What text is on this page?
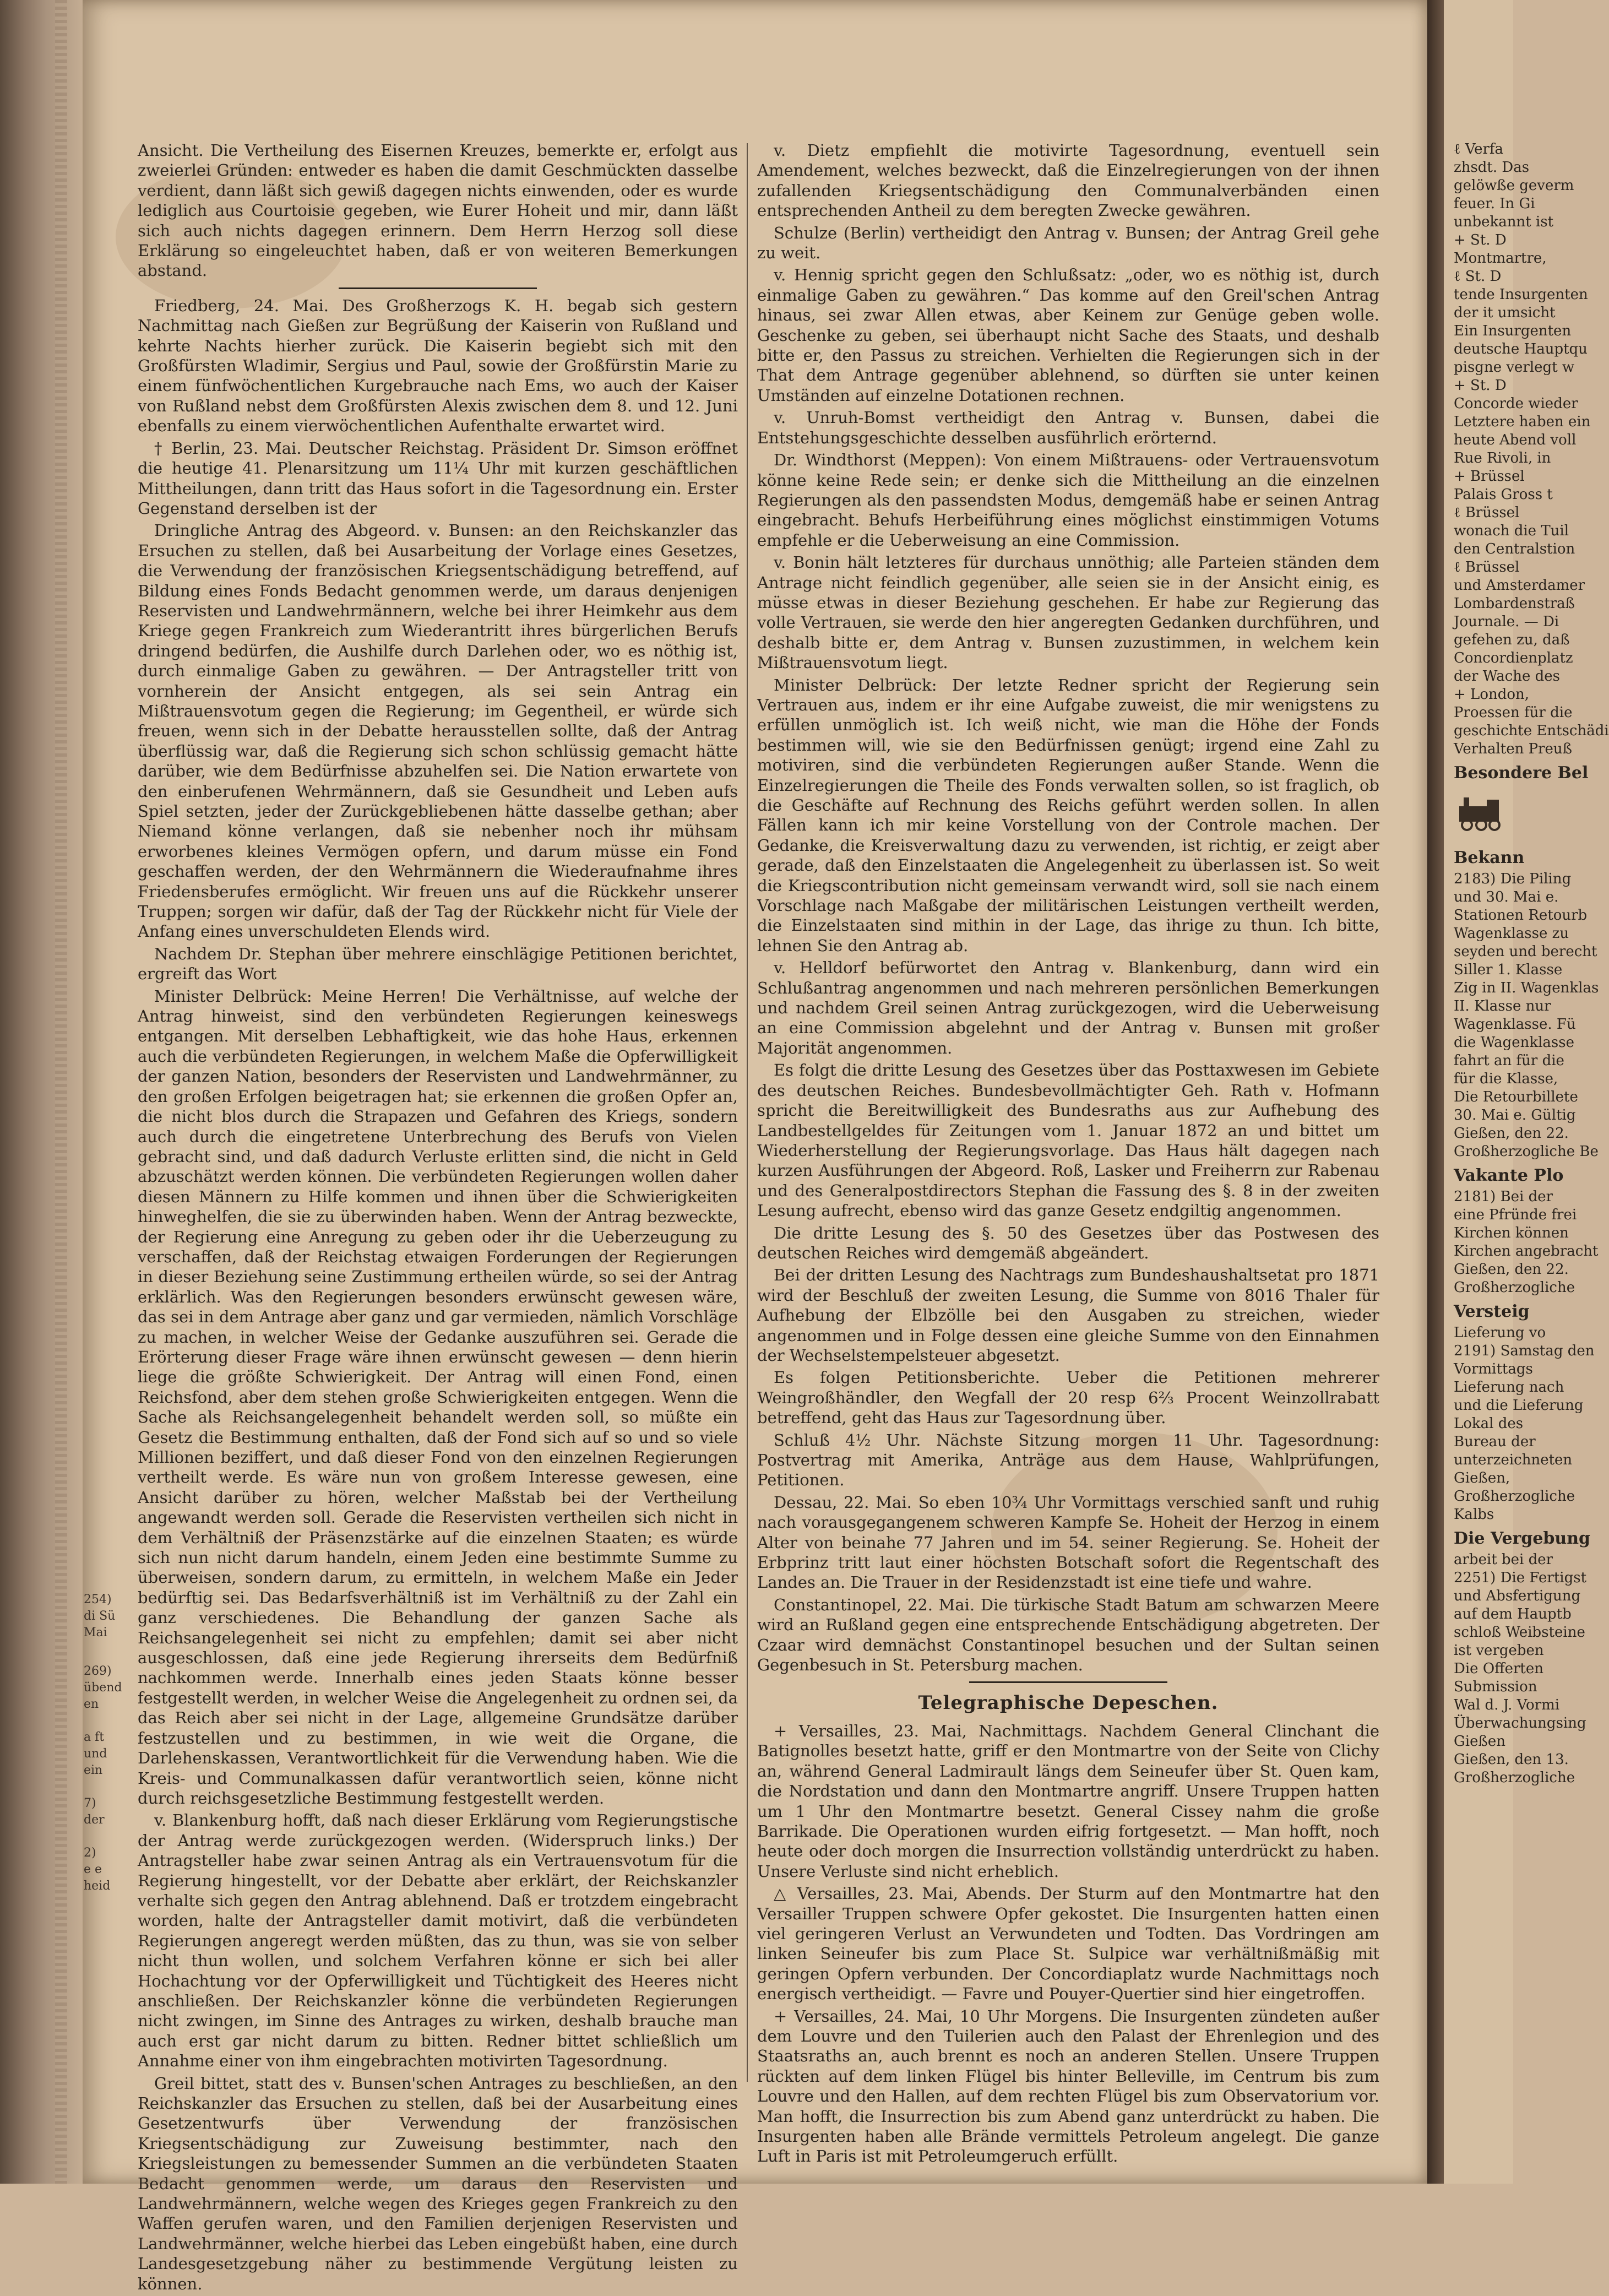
254)
di Sü
Mai
269)
übend
en
a ft
und
ein
7)
der
2)
e e
heid

Ansicht. Die Vertheilung des Eisernen Kreuzes, bemerkte er, erfolgt aus zweierlei Gründen: entweder es haben die damit Geschmückten dasselbe verdient, dann läßt sich gewiß dagegen nichts einwenden, oder es wurde lediglich aus Courtoisie gegeben, wie Eurer Hoheit und mir, dann läßt sich auch nichts dagegen erinnern. Dem Herrn Herzog soll diese Erklärung so eingeleuchtet haben, daß er von weiteren Bemerkungen abstand.

Friedberg, 24. Mai. Des Großherzogs K. H. begab sich gestern Nachmittag nach Gießen zur Begrüßung der Kaiserin von Rußland und kehrte Nachts hierher zurück. Die Kaiserin begiebt sich mit den Großfürsten Wladimir, Sergius und Paul, sowie der Großfürstin Marie zu einem fünfwöchentlichen Kurgebrauche nach Ems, wo auch der Kaiser von Rußland nebst dem Großfürsten Alexis zwischen dem 8. und 12. Juni ebenfalls zu einem vierwöchentlichen Aufenthalte erwartet wird.

† Berlin, 23. Mai. Deutscher Reichstag. Präsident Dr. Simson eröffnet die heutige 41. Plenarsitzung um 11¼ Uhr mit kurzen geschäftlichen Mittheilungen, dann tritt das Haus sofort in die Tagesordnung ein. Erster Gegenstand derselben ist der

Dringliche Antrag des Abgeord. v. Bunsen: an den Reichskanzler das Ersuchen zu stellen, daß bei Ausarbeitung der Vorlage eines Gesetzes, die Verwendung der französischen Kriegsentschädigung betreffend, auf Bildung eines Fonds Bedacht genommen werde, um daraus denjenigen Reservisten und Landwehrmännern, welche bei ihrer Heimkehr aus dem Kriege gegen Frankreich zum Wiederantritt ihres bürgerlichen Berufs dringend bedürfen, die Aushilfe durch Darlehen oder, wo es nöthig ist, durch einmalige Gaben zu gewähren. — Der Antragsteller tritt von vornherein der Ansicht entgegen, als sei sein Antrag ein Mißtrauensvotum gegen die Regierung; im Gegentheil, er würde sich freuen, wenn sich in der Debatte herausstellen sollte, daß der Antrag überflüssig war, daß die Regierung sich schon schlüssig gemacht hätte darüber, wie dem Bedürfnisse abzuhelfen sei. Die Nation erwartete von den einberufenen Wehrmännern, daß sie Gesundheit und Leben aufs Spiel setzten, jeder der Zurückgebliebenen hätte dasselbe gethan; aber Niemand könne verlangen, daß sie nebenher noch ihr mühsam erworbenes kleines Vermögen opfern, und darum müsse ein Fond geschaffen werden, der den Wehrmännern die Wiederaufnahme ihres Friedensberufes ermöglicht. Wir freuen uns auf die Rückkehr unserer Truppen; sorgen wir dafür, daß der Tag der Rückkehr nicht für Viele der Anfang eines unverschuldeten Elends wird.

Nachdem Dr. Stephan über mehrere einschlägige Petitionen berichtet, ergreift das Wort

Minister Delbrück: Meine Herren! Die Verhältnisse, auf welche der Antrag hinweist, sind den verbündeten Regierungen keineswegs entgangen. Mit derselben Lebhaftigkeit, wie das hohe Haus, erkennen auch die verbündeten Regierungen, in welchem Maße die Opferwilligkeit der ganzen Nation, besonders der Reservisten und Landwehrmänner, zu den großen Erfolgen beigetragen hat; sie erkennen die großen Opfer an, die nicht blos durch die Strapazen und Gefahren des Kriegs, sondern auch durch die eingetretene Unterbrechung des Berufs von Vielen gebracht sind, und daß dadurch Verluste erlitten sind, die nicht in Geld abzuschätzt werden können. Die verbündeten Regierungen wollen daher diesen Männern zu Hilfe kommen und ihnen über die Schwierigkeiten hinweghelfen, die sie zu überwinden haben. Wenn der Antrag bezweckte, der Regierung eine Anregung zu geben oder ihr die Ueberzeugung zu verschaffen, daß der Reichstag etwaigen Forderungen der Regierungen in dieser Beziehung seine Zustimmung ertheilen würde, so sei der Antrag erklärlich. Was den Regierungen besonders erwünscht gewesen wäre, das sei in dem Antrage aber ganz und gar vermieden, nämlich Vorschläge zu machen, in welcher Weise der Gedanke auszuführen sei. Gerade die Erörterung dieser Frage wäre ihnen erwünscht gewesen — denn hierin liege die größte Schwierigkeit. Der Antrag will einen Fond, einen Reichsfond, aber dem stehen große Schwierigkeiten entgegen. Wenn die Sache als Reichsangelegenheit behandelt werden soll, so müßte ein Gesetz die Bestimmung enthalten, daß der Fond sich auf so und so viele Millionen beziffert, und daß dieser Fond von den einzelnen Regierungen vertheilt werde. Es wäre nun von großem Interesse gewesen, eine Ansicht darüber zu hören, welcher Maßstab bei der Vertheilung angewandt werden soll. Gerade die Reservisten vertheilen sich nicht in dem Verhältniß der Präsenzstärke auf die einzelnen Staaten; es würde sich nun nicht darum handeln, einem Jeden eine bestimmte Summe zu überweisen, sondern darum, zu ermitteln, in welchem Maße ein Jeder bedürftig sei. Das Bedarfsverhältniß ist im Verhältniß zu der Zahl ein ganz verschiedenes. Die Behandlung der ganzen Sache als Reichsangelegenheit sei nicht zu empfehlen; damit sei aber nicht ausgeschlossen, daß eine jede Regierung ihrerseits dem Bedürfniß nachkommen werde. Innerhalb eines jeden Staats könne besser festgestellt werden, in welcher Weise die Angelegenheit zu ordnen sei, da das Reich aber sei nicht in der Lage, allgemeine Grundsätze darüber festzustellen und zu bestimmen, in wie weit die Organe, die Darlehenskassen, Verantwortlichkeit für die Verwendung haben. Wie die Kreis- und Communalkassen dafür verantwortlich seien, könne nicht durch reichsgesetzliche Bestimmung festgestellt werden.

v. Blankenburg hofft, daß nach dieser Erklärung vom Regierungstische der Antrag werde zurückgezogen werden. (Widerspruch links.) Der Antragsteller habe zwar seinen Antrag als ein Vertrauensvotum für die Regierung hingestellt, vor der Debatte aber erklärt, der Reichskanzler verhalte sich gegen den Antrag ablehnend. Daß er trotzdem eingebracht worden, halte der Antragsteller damit motivirt, daß die verbündeten Regierungen angeregt werden müßten, das zu thun, was sie von selber nicht thun wollen, und solchem Verfahren könne er sich bei aller Hochachtung vor der Opferwilligkeit und Tüchtigkeit des Heeres nicht anschließen. Der Reichskanzler könne die verbündeten Regierungen nicht zwingen, im Sinne des Antrages zu wirken, deshalb brauche man auch erst gar nicht darum zu bitten. Redner bittet schließlich um Annahme einer von ihm eingebrachten motivirten Tagesordnung.

Greil bittet, statt des v. Bunsen'schen Antrages zu beschließen, an den Reichskanzler das Ersuchen zu stellen, daß bei der Ausarbeitung eines Gesetzentwurfs über Verwendung der französischen Kriegsentschädigung zur Zuweisung bestimmter, nach den Kriegsleistungen zu bemessender Summen an die verbündeten Staaten Bedacht genommen werde, um daraus den Reservisten und Landwehrmännern, welche wegen des Krieges gegen Frankreich zu den Waffen gerufen waren, und den Familien derjenigen Reservisten und Landwehrmänner, welche hierbei das Leben eingebüßt haben, eine durch Landesgesetzgebung näher zu bestimmende Vergütung leisten zu können.

v. Dietz empfiehlt die motivirte Tagesordnung, eventuell sein Amendement, welches bezweckt, daß die Einzelregierungen von der ihnen zufallenden Kriegsentschädigung den Communalverbänden einen entsprechenden Antheil zu dem beregten Zwecke gewähren.

Schulze (Berlin) vertheidigt den Antrag v. Bunsen; der Antrag Greil gehe zu weit.

v. Hennig spricht gegen den Schlußsatz: „oder, wo es nöthig ist, durch einmalige Gaben zu gewähren.“ Das komme auf den Greil'schen Antrag hinaus, sei zwar Allen etwas, aber Keinem zur Genüge geben wolle. Geschenke zu geben, sei überhaupt nicht Sache des Staats, und deshalb bitte er, den Passus zu streichen. Verhielten die Regierungen sich in der That dem Antrage gegenüber ablehnend, so dürften sie unter keinen Umständen auf einzelne Dotationen rechnen.

v. Unruh-Bomst vertheidigt den Antrag v. Bunsen, dabei die Entstehungsgeschichte desselben ausführlich erörternd.

Dr. Windthorst (Meppen): Von einem Mißtrauens- oder Vertrauensvotum könne keine Rede sein; er denke sich die Mittheilung an die einzelnen Regierungen als den passendsten Modus, demgemäß habe er seinen Antrag eingebracht. Behufs Herbeiführung eines möglichst einstimmigen Votums empfehle er die Ueberweisung an eine Commission.

v. Bonin hält letzteres für durchaus unnöthig; alle Parteien ständen dem Antrage nicht feindlich gegenüber, alle seien sie in der Ansicht einig, es müsse etwas in dieser Beziehung geschehen. Er habe zur Regierung das volle Vertrauen, sie werde den hier angeregten Gedanken durchführen, und deshalb bitte er, dem Antrag v. Bunsen zuzustimmen, in welchem kein Mißtrauensvotum liegt.

Minister Delbrück: Der letzte Redner spricht der Regierung sein Vertrauen aus, indem er ihr eine Aufgabe zuweist, die mir wenigstens zu erfüllen unmöglich ist. Ich weiß nicht, wie man die Höhe der Fonds bestimmen will, wie sie den Bedürfnissen genügt; irgend eine Zahl zu motiviren, sind die verbündeten Regierungen außer Stande. Wenn die Einzelregierungen die Theile des Fonds verwalten sollen, so ist fraglich, ob die Geschäfte auf Rechnung des Reichs geführt werden sollen. In allen Fällen kann ich mir keine Vorstellung von der Controle machen. Der Gedanke, die Kreisverwaltung dazu zu verwenden, ist richtig, er zeigt aber gerade, daß den Einzelstaaten die Angelegenheit zu überlassen ist. So weit die Kriegscontribution nicht gemeinsam verwandt wird, soll sie nach einem Vorschlage nach Maßgabe der militärischen Leistungen vertheilt werden, die Einzelstaaten sind mithin in der Lage, das ihrige zu thun. Ich bitte, lehnen Sie den Antrag ab.

v. Helldorf befürwortet den Antrag v. Blankenburg, dann wird ein Schlußantrag angenommen und nach mehreren persönlichen Bemerkungen und nachdem Greil seinen Antrag zurückgezogen, wird die Ueberweisung an eine Commission abgelehnt und der Antrag v. Bunsen mit großer Majorität angenommen.

Es folgt die dritte Lesung des Gesetzes über das Posttaxwesen im Gebiete des deutschen Reiches. Bundesbevollmächtigter Geh. Rath v. Hofmann spricht die Bereitwilligkeit des Bundesraths aus zur Aufhebung des Landbestellgeldes für Zeitungen vom 1. Januar 1872 an und bittet um Wiederherstellung der Regierungsvorlage. Das Haus hält dagegen nach kurzen Ausführungen der Abgeord. Roß, Lasker und Freiherrn zur Rabenau und des Generalpostdirectors Stephan die Fassung des §. 8 in der zweiten Lesung aufrecht, ebenso wird das ganze Gesetz endgiltig angenommen.

Die dritte Lesung des §. 50 des Gesetzes über das Postwesen des deutschen Reiches wird demgemäß abgeändert.

Bei der dritten Lesung des Nachtrags zum Bundeshaushaltsetat pro 1871 wird der Beschluß der zweiten Lesung, die Summe von 8016 Thaler für Aufhebung der Elbzölle bei den Ausgaben zu streichen, wieder angenommen und in Folge dessen eine gleiche Summe von den Einnahmen der Wechselstempelsteuer abgesetzt.

Es folgen Petitionsberichte. Ueber die Petitionen mehrerer Weingroßhändler, den Wegfall der 20 resp 6⅔ Procent Weinzollrabatt betreffend, geht das Haus zur Tagesordnung über.

Schluß 4½ Uhr. Nächste Sitzung morgen 11 Uhr. Tagesordnung: Postvertrag mit Amerika, Anträge aus dem Hause, Wahlprüfungen, Petitionen.

Dessau, 22. Mai. So eben 10¾ Uhr Vormittags verschied sanft und ruhig nach vorausgegangenem schweren Kampfe Se. Hoheit der Herzog in einem Alter von beinahe 77 Jahren und im 54. seiner Regierung. Se. Hoheit der Erbprinz tritt laut einer höchsten Botschaft sofort die Regentschaft des Landes an. Die Trauer in der Residenzstadt ist eine tiefe und wahre.

Constantinopel, 22. Mai. Die türkische Stadt Batum am schwarzen Meere wird an Rußland gegen eine entsprechende Entschädigung abgetreten. Der Czaar wird demnächst Constantinopel besuchen und der Sultan seinen Gegenbesuch in St. Petersburg machen.

Telegraphische Depeschen.

+ Versailles, 23. Mai, Nachmittags. Nachdem General Clinchant die Batignolles besetzt hatte, griff er den Montmartre von der Seite von Clichy an, während General Ladmirault längs dem Seineufer über St. Quen kam, die Nordstation und dann den Montmartre angriff. Unsere Truppen hatten um 1 Uhr den Montmartre besetzt. General Cissey nahm die große Barrikade. Die Operationen wurden eifrig fortgesetzt. — Man hofft, noch heute oder doch morgen die Insurrection vollständig unterdrückt zu haben. Unsere Verluste sind nicht erheblich.

△ Versailles, 23. Mai, Abends. Der Sturm auf den Montmartre hat den Versailler Truppen schwere Opfer gekostet. Die Insurgenten hatten einen viel geringeren Verlust an Verwundeten und Todten. Das Vordringen am linken Seineufer bis zum Place St. Sulpice war verhältnißmäßig mit geringen Opfern verbunden. Der Concordiaplatz wurde Nachmittags noch energisch vertheidigt. — Favre und Pouyer-Quertier sind hier eingetroffen.

+ Versailles, 24. Mai, 10 Uhr Morgens. Die Insurgenten zündeten außer dem Louvre und den Tuilerien auch den Palast der Ehrenlegion und des Staatsraths an, auch brennt es noch an anderen Stellen. Unsere Truppen rückten auf dem linken Flügel bis hinter Belleville, im Centrum bis zum Louvre und den Hallen, auf dem rechten Flügel bis zum Observatorium vor. Man hofft, die Insurrection bis zum Abend ganz unterdrückt zu haben. Die Insurgenten haben alle Brände vermittels Petroleum angelegt. Die ganze Luft in Paris ist mit Petroleumgeruch erfüllt.

ℓ Verfa
zhsdt. Das
gelöwße geverm
feuer. In Gi
unbekannt ist
+ St. D
Montmartre,
ℓ St. D
tende Insurgenten
der it umsicht
Ein Insurgenten
deutsche Hauptqu
pisgne verlegt w
+ St. D
Concorde wieder
Letztere haben ein
heute Abend voll
Rue Rivoli, in
+ Brüssel
Palais Gross t
ℓ Brüssel
wonach die Tuil
den Centralstion
ℓ Brüssel
und Amsterdamer
Lombardenstraß
Journale. — Di
gefehen zu, daß
Concordienplatz
der Wache des
+ London,
Proessen für die
geschichte Entschädi
Verhalten Preuß
Besondere Bel
Bekann
2183) Die Piling
und 30. Mai e.
Stationen Retourb
Wagenklasse zu
seyden und berecht
Siller 1. Klasse
Zig in II. Wagenklas
II. Klasse nur
Wagenklasse. Fü
die Wagenklasse
fahrt an für die
für die Klasse,
Die Retourbillete
30. Mai e. Gültig
Gießen, den 22.
Großherzogliche Be
Vakante Plo
2181) Bei der
eine Pfründe frei
Kirchen können
Kirchen angebracht
Gießen, den 22.
Großherzogliche
Versteig
Lieferung vo
2191) Samstag den
Vormittags
Lieferung nach
und die Lieferung
Lokal des
Bureau der
unterzeichneten
Gießen,
Großherzogliche
Kalbs
Die Vergebung
arbeit bei der
2251) Die Fertigst
und Absfertigung
auf dem Hauptb
schloß Weibsteine
ist vergeben
Die Offerten
Submission
Wal d. J. Vormi
Überwachungsing
Gießen
Gießen, den 13.
Großherzogliche
